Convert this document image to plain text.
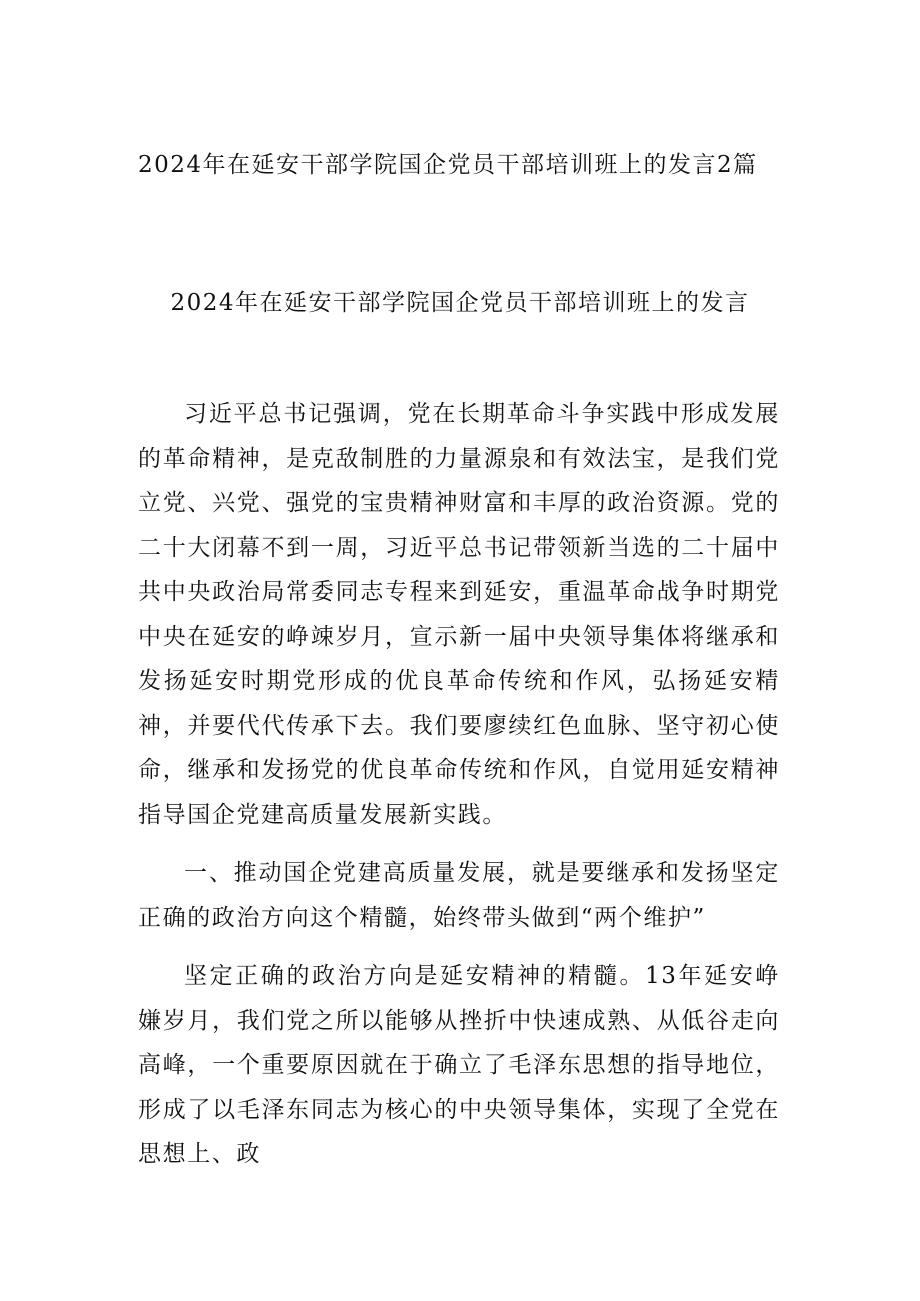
2024年在延安干部学院国企党员干部培训班上的发言2篇
2024年在延安干部学院国企党员干部培训班上的发言

习近平总书记强调，党在长期革命斗争实践中形成发展的革命精神，是克敌制胜的力量源泉和有效法宝，是我们党立党、兴党、强党的宝贵精神财富和丰厚的政治资源。党的二十大闭幕不到一周，习近平总书记带领新当选的二十届中共中央政治局常委同志专程来到延安，重温革命战争时期党中央在延安的峥竦岁月，宣示新一届中央领导集体将继承和发扬延安时期党形成的优良革命传统和作风，弘扬延安精神，并要代代传承下去。我们要廖续红色血脉、坚守初心使命，继承和发扬党的优良革命传统和作风，自觉用延安精神指导国企党建高质量发展新实践。

一、推动国企党建高质量发展，就是要继承和发扬坚定正确的政治方向这个精髓，始终带头做到“两个维护”

坚定正确的政治方向是延安精神的精髓。13年延安峥嫌岁月，我们党之所以能够从挫折中快速成熟、从低谷走向高峰，一个重要原因就在于确立了毛泽东思想的指导地位，形成了以毛泽东同志为核心的中央领导集体，实现了全党在思想上、政
